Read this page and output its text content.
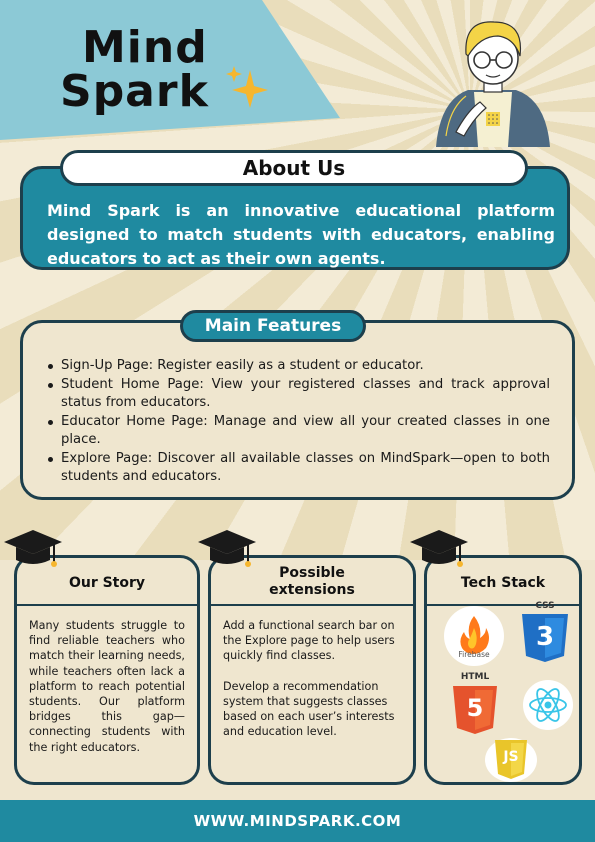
Mind
Spark
About Us

Mind Spark is an innovative educational platform designed to match students with educators, enabling educators to act as their own agents.

Main Features
Sign-Up Page: Register easily as a student or educator.
Student Home Page: View your registered classes and track approval status from educators.
Educator Home Page: Manage and view all your created classes in one place.
Explore Page: Discover all available classes on MindSpark—open to both students and educators.
Our Story
Many students struggle to find reliable teachers who match their learning needs, while teachers often lack a platform to reach potential students. Our platform bridges this gap—connecting students with the right educators.
Possible extensions

Add a functional search bar on the Explore page to help users quickly find classes.

Develop a recommendation system that suggests classes based on each user’s interests and education level.

Tech Stack
Firebase
CSS
3
HTML
5
JS
WWW.MINDSPARK.COM
